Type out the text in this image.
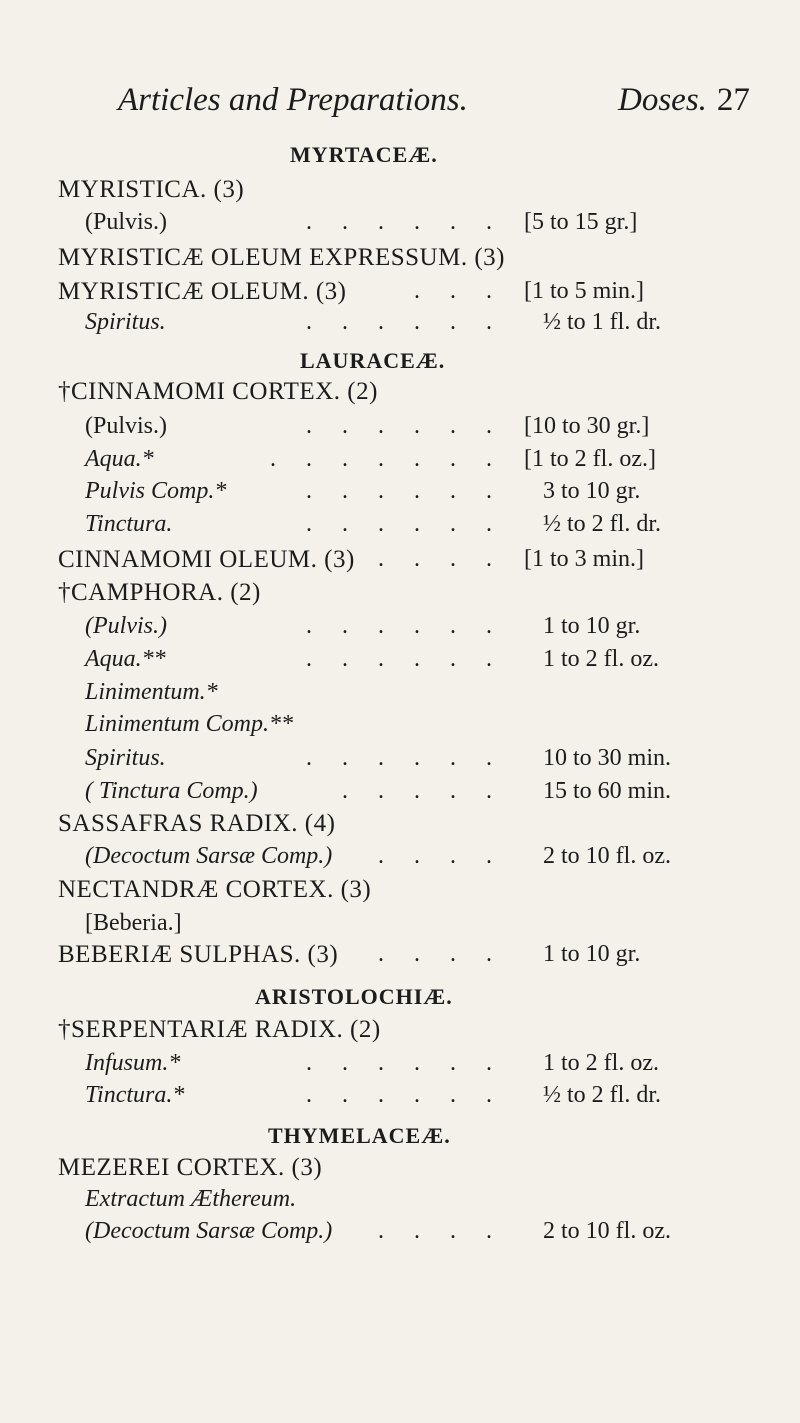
Articles and Preparations.	Doses. 27
MYRTACEÆ.
MYRISTICA. (3)
(Pulvis.)	. . . . . . [5 to 15 gr.]
MYRISTICÆ OLEUM EXPRESSUM. (3)
MYRISTICÆ OLEUM. (3)	. . . [1 to 5 min.]
Spiritus.	. . . . . . ½ to 1 fl. dr.
LAURACEÆ.
†CINNAMOMI CORTEX. (2)
(Pulvis.)	. . . . . . [10 to 30 gr.]
Aqua.*	. . . . . . . [1 to 2 fl. oz.]
Pulvis Comp.*	. . . . . . 3 to 10 gr.
Tinctura.	. . . . . . ½ to 2 fl. dr.
CINNAMOMI OLEUM. (3) . . . . [1 to 3 min.]
†CAMPHORA. (2)
(Pulvis.)	. . . . . . 1 to 10 gr.
Aqua.**	. . . . . . 1 to 2 fl. oz.
Linimentum.*
Linimentum Comp.**
Spiritus.	. . . . . . 10 to 30 min.
( Tinctura Comp.)	. . . . . 15 to 60 min.
SASSAFRAS RADIX. (4)
(Decoctum Sarsæ Comp.) . . . . 2 to 10 fl. oz.
NECTANDRÆ CORTEX. (3)
[Beberia.]
BEBERIÆ SULPHAS. (3) . . . . 1 to 10 gr.
ARISTOLOCHIÆ.
†SERPENTARIÆ RADIX. (2)
Infusum.*	. . . . . . 1 to 2 fl. oz.
Tinctura.*	. . . . . . ½ to 2 fl. dr.
THYMELACEÆ.
MEZEREI CORTEX. (3)
Extractum Æthereum.
(Decoctum Sarsæ Comp.) . . . . 2 to 10 fl. oz.
